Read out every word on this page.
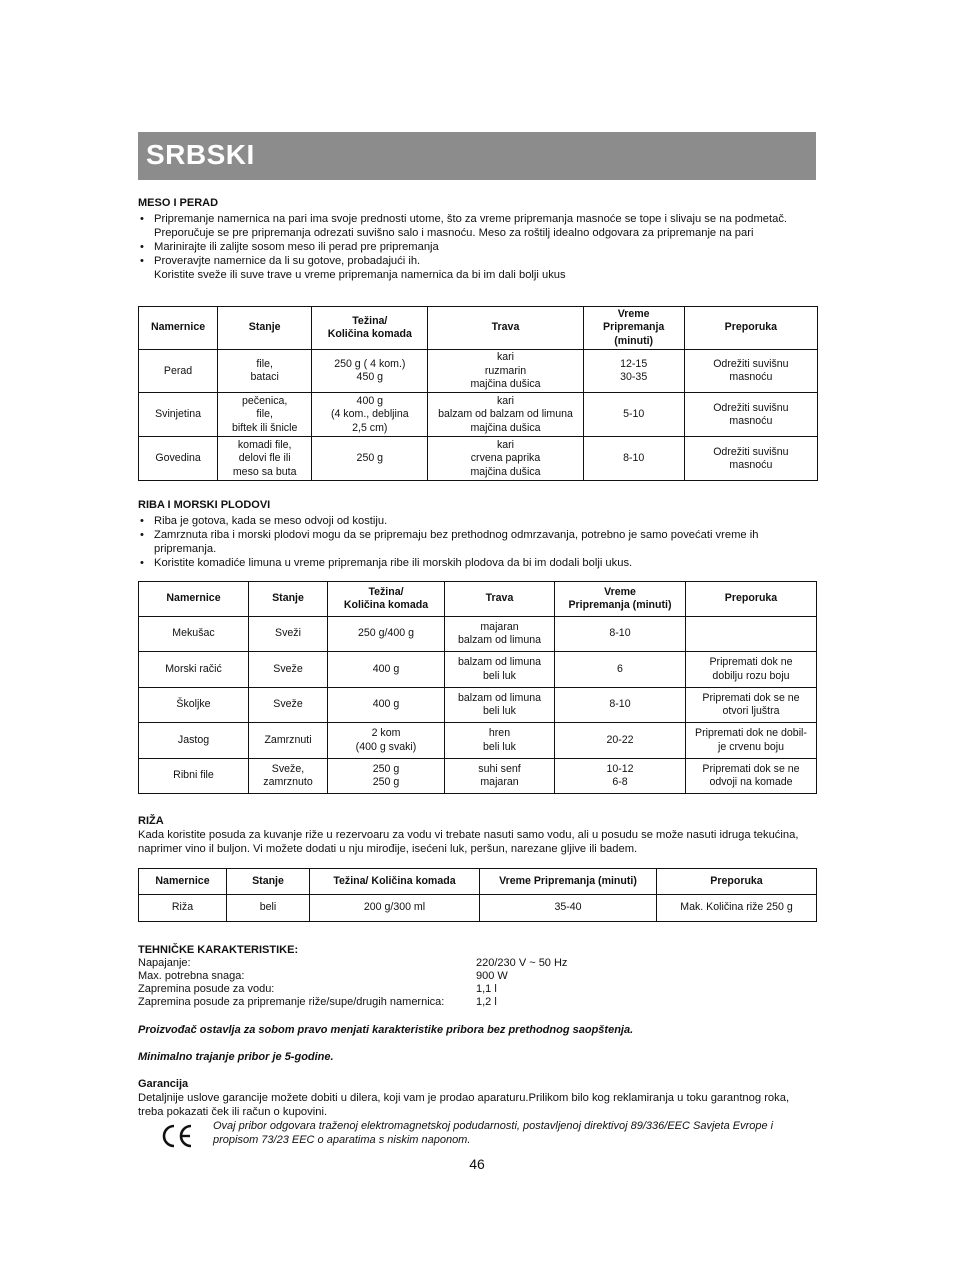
SRBSKI

MESO I PERAD

• Pripremanje namernica na pari ima svoje prednosti utome, što za vreme pripremanja masnoće se tope i slivaju se na podmetač. Preporučuje se pre pripremanja odrezati suvišno salo i masnoću. Meso za roštilj idealno odgovara za pripremanje na pari
• Marinirajte ili zalijte sosom meso ili perad pre pripremanja
• Proveravjte namernice da li su gotove, probadajući ih.
Koristite sveže ili suve trave u vreme pripremanja namernica da bi im dali bolji ukus
Namernice	Stanje	Težina/
Količina komada	Trava	Vreme
Pripremanja
(minuti)	Preporuka
Perad	file,
bataci	250 g ( 4 kom.)
450 g	kari
ruzmarin
majčina dušica	12-15
30-35	Odrežiti suvišnu masnoću
Svinjetina	pečenica,
file,
biftek ili šnicle	400 g
(4 kom., debljina
2,5 cm)	kari
balzam od balzam od limuna
majčina dušica	5-10	Odrežiti suvišnu masnoću
Govedina	komadi file,
delovi fle ili
meso sa buta	250 g	kari
crvena paprika
majčina dušica	8-10	Odrežiti suvišnu masnoću

RIBA I MORSKI PLODOVI

• Riba je gotova, kada se meso odvoji od kostiju.
• Zamrznuta riba i morski plodovi mogu da se pripremaju bez prethodnog odmrzavanja, potrebno je samo povećati vreme ih pripremanja.
• Koristite komadiće limuna u vreme pripremanja ribe ili morskih plodova da bi im dodali bolji ukus.
Namernice	Stanje	Težina/
Količina komada	Trava	Vreme
Pripremanja (minuti)	Preporuka
Mekušac	Sveži	250 g/400 g	majaran
balzam od limuna	8-10	
Morski račić	Sveže	400 g	balzam od limuna
beli luk	6	Pripremati dok ne
dobilju rozu boju
Školjke	Sveže	400 g	balzam od limuna
beli luk	8-10	Pripremati dok se ne
otvori ljuštra
Jastog	Zamrznuti	2 kom
(400 g svaki)	hren
beli luk	20-22	Pripremati dok ne dobil-
je crvenu boju
Ribni file	Sveže,
zamrznuto	250 g
250 g	suhi senf
majaran	10-12
6-8	Pripremati dok se ne
odvoji na komade

RIŽA

Kada koristite posuda za kuvanje riže u rezervoaru za vodu vi trebate nasuti samo vodu, ali u posudu se može nasuti idruga tekućina, naprimer vino il buljon. Vi možete dodati u nju mirođije, isećeni luk, peršun, narezane gljive ili badem.

Namernice	Stanje	Težina/ Količina komada	Vreme Pripremanja (minuti)	Preporuka
Riža	beli	200 g/300 ml	35-40	Mak. Količina riže 250 g

TEHNIČKE KARAKTERISTIKE:

Napajanje:	220/230 V ~ 50 Hz
Max. potrebna snaga:	900 W
Zapremina posude za vodu:	1,1 l
Zapremina posude za pripremanje riže/supe/drugih namernica:	1,2 l
Proizvođač ostavlja za sobom pravo menjati karakteristike pribora bez prethodnog saopštenja.
Minimalno trajanje pribor je 5-godine.

Garancija

Detaljnije uslove garancije možete dobiti u dilera, koji vam je prodao aparaturu.Prilikom bilo kog reklamiranja u toku garantnog roka, treba pokazati ček ili račun o kupovini.

Ovaj pribor odgovara traženoj elektromagnetskoj podudarnosti, postavljenoj direktivoj 89/336/EEC Savjeta Evrope i propisom 73/23 EEC o aparatima s niskim naponom.
46
